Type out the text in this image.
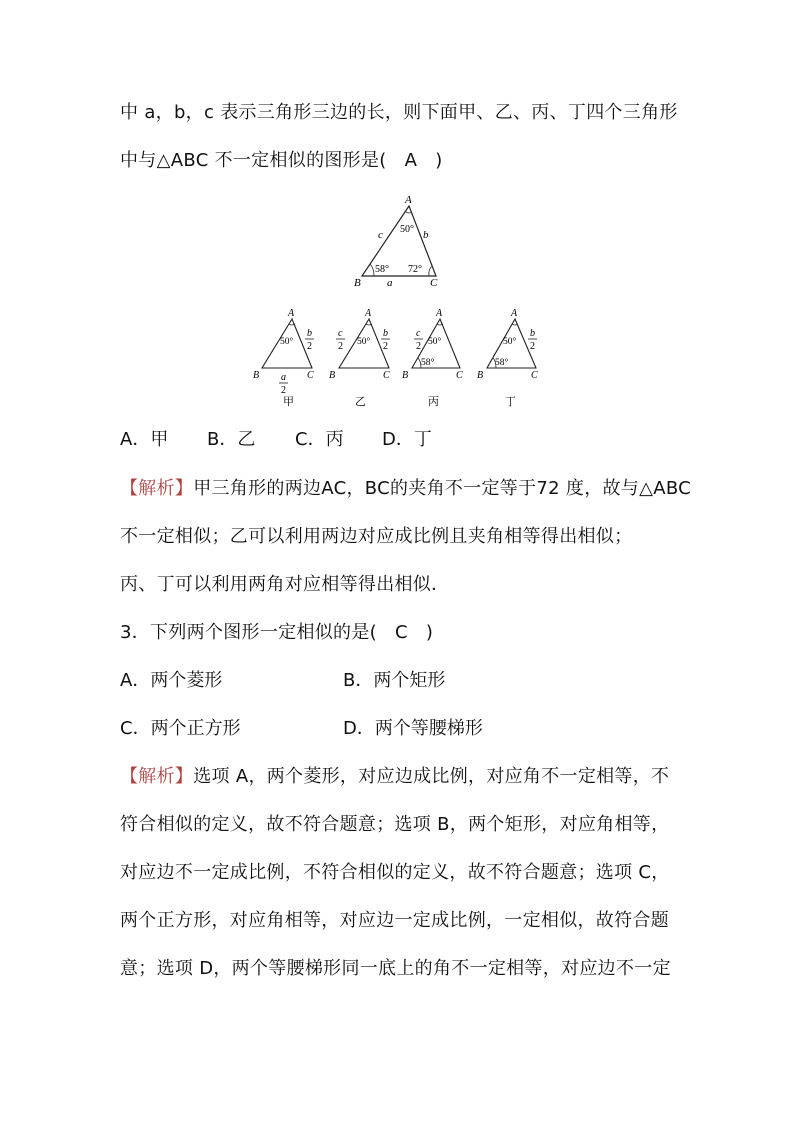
中 a，b，c 表示三角形三边的长，则下面甲、乙、丙、丁四个三角形
中与△ABC 不一定相似的图形是( A )
A
B	C
c	b
a
50°
58° 72°
A
B	C
50°
b
2
a
2
甲
A
B	C
50°
c
2
b
2
乙
A
B	C
50°
58°
c
2
丙
A
B	C
50°
58°
b
2
丁
A．甲 B．乙 C．丙 D．丁
【解析】甲三角形的两边AC，BC的夹角不一定等于72 度，故与△ABC
不一定相似；乙可以利用两边对应成比例且夹角相等得出相似；
丙、丁可以利用两角对应相等得出相似．
3．下列两个图形一定相似的是( C )
A．两个菱形	B．两个矩形
C．两个正方形	D．两个等腰梯形
【解析】选项 A，两个菱形，对应边成比例，对应角不一定相等，不
符合相似的定义，故不符合题意；选项 B，两个矩形，对应角相等，
对应边不一定成比例，不符合相似的定义，故不符合题意；选项 C，
两个正方形，对应角相等，对应边一定成比例，一定相似，故符合题
意；选项 D，两个等腰梯形同一底上的角不一定相等，对应边不一定
